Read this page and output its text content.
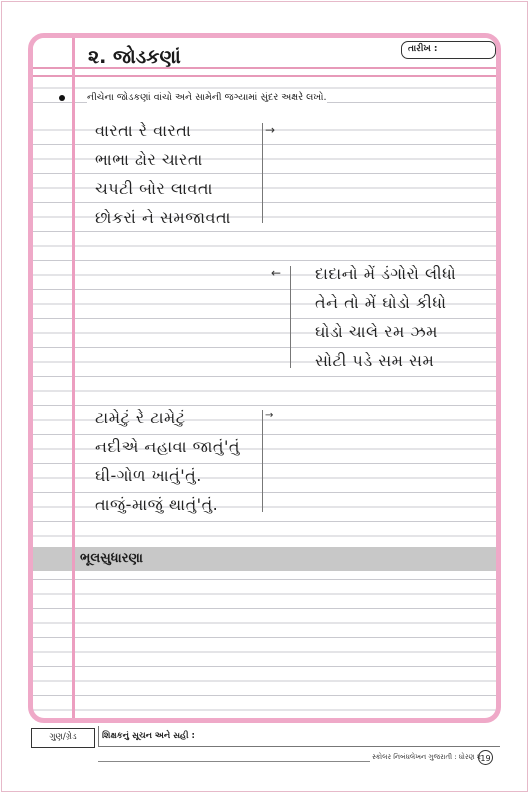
૨. જોડકણાં	તારીખ :
નીચેના જોડકણાં વાંચો અને સામેની જગ્યામાં સુંદર અક્ષરે લખો.
વારતા રે વારતા
ભાભા ઢોર ચારતા
ચપટી બોર લાવતા
છોકરાં ને સમજાવતા
→
દાદાનો મેં ડંગોરો લીધો
તેને તો મેં ઘોડો કીધો
ઘોડો ચાલે રમ ઝમ
સોટી પડે સમ સમ
←
ટામેટું રે ટામેટું
નદીએ નહાવા જાતું'તું
ઘી-ગોળ ખાતું'તું.
તાજું-માજું થાતું'તું.
→
ભૂલસુધારણા
ગુણ/ગ્રેડ	શિક્ષકનું સૂચન અને સહી :
સ્કોલર નિબંધલેખન ગુજરાતી : ધોરણ ૨ 19
